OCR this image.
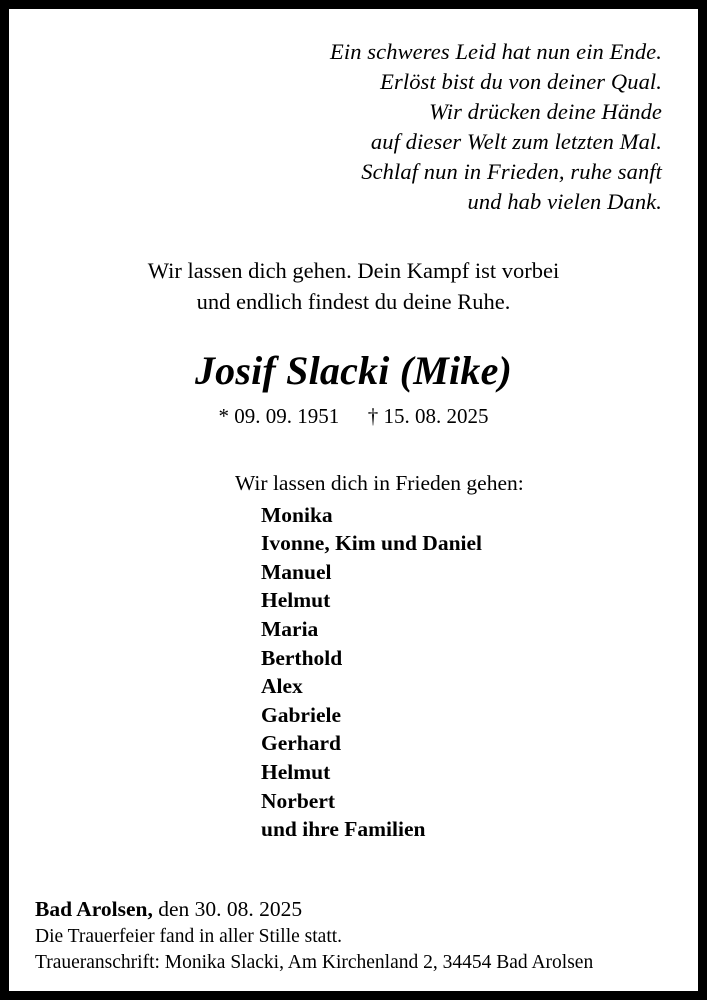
Ein schweres Leid hat nun ein Ende.
Erlöst bist du von deiner Qual.
Wir drücken deine Hände
auf dieser Welt zum letzten Mal.
Schlaf nun in Frieden, ruhe sanft
und hab vielen Dank.
Wir lassen dich gehen. Dein Kampf ist vorbei
und endlich findest du deine Ruhe.
Josif Slacki (Mike)
* 09. 09. 1951 † 15. 08. 2025
Wir lassen dich in Frieden gehen:
Monika
Ivonne, Kim und Daniel
Manuel
Helmut
Maria
Berthold
Alex
Gabriele
Gerhard
Helmut
Norbert
und ihre Familien
Bad Arolsen, den 30. 08. 2025
Die Trauerfeier fand in aller Stille statt.
Traueranschrift: Monika Slacki, Am Kirchenland 2, 34454 Bad Arolsen
